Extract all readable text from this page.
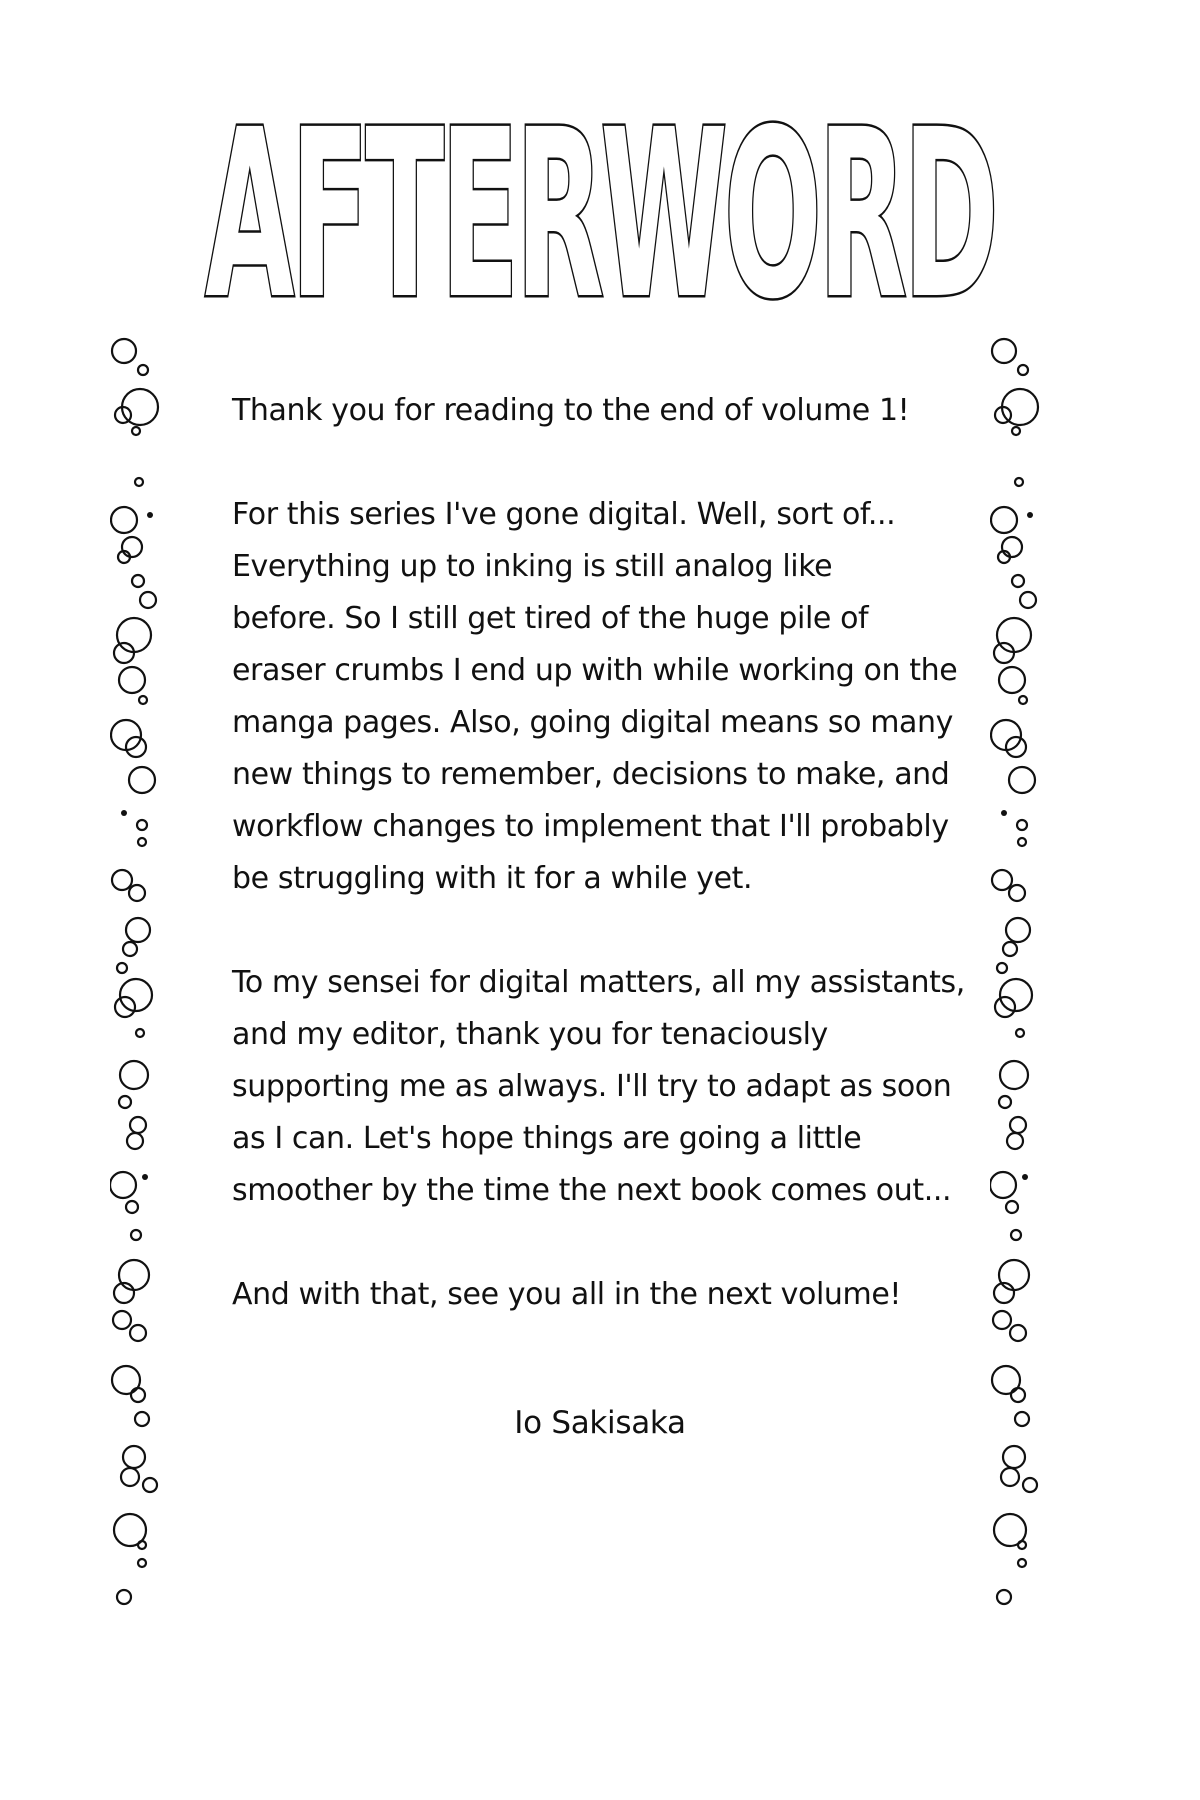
AFTERWORD

Thank you for reading to the end of volume 1!

For this series I've gone digital. Well, sort of...
Everything up to inking is still analog like
before. So I still get tired of the huge pile of
eraser crumbs I end up with while working on the
manga pages. Also, going digital means so many
new things to remember, decisions to make, and
workflow changes to implement that I'll probably
be struggling with it for a while yet.

To my sensei for digital matters, all my assistants,
and my editor, thank you for tenaciously
supporting me as always. I'll try to adapt as soon
as I can. Let's hope things are going a little
smoother by the time the next book comes out...

And with that, see you all in the next volume!

Io Sakisaka
